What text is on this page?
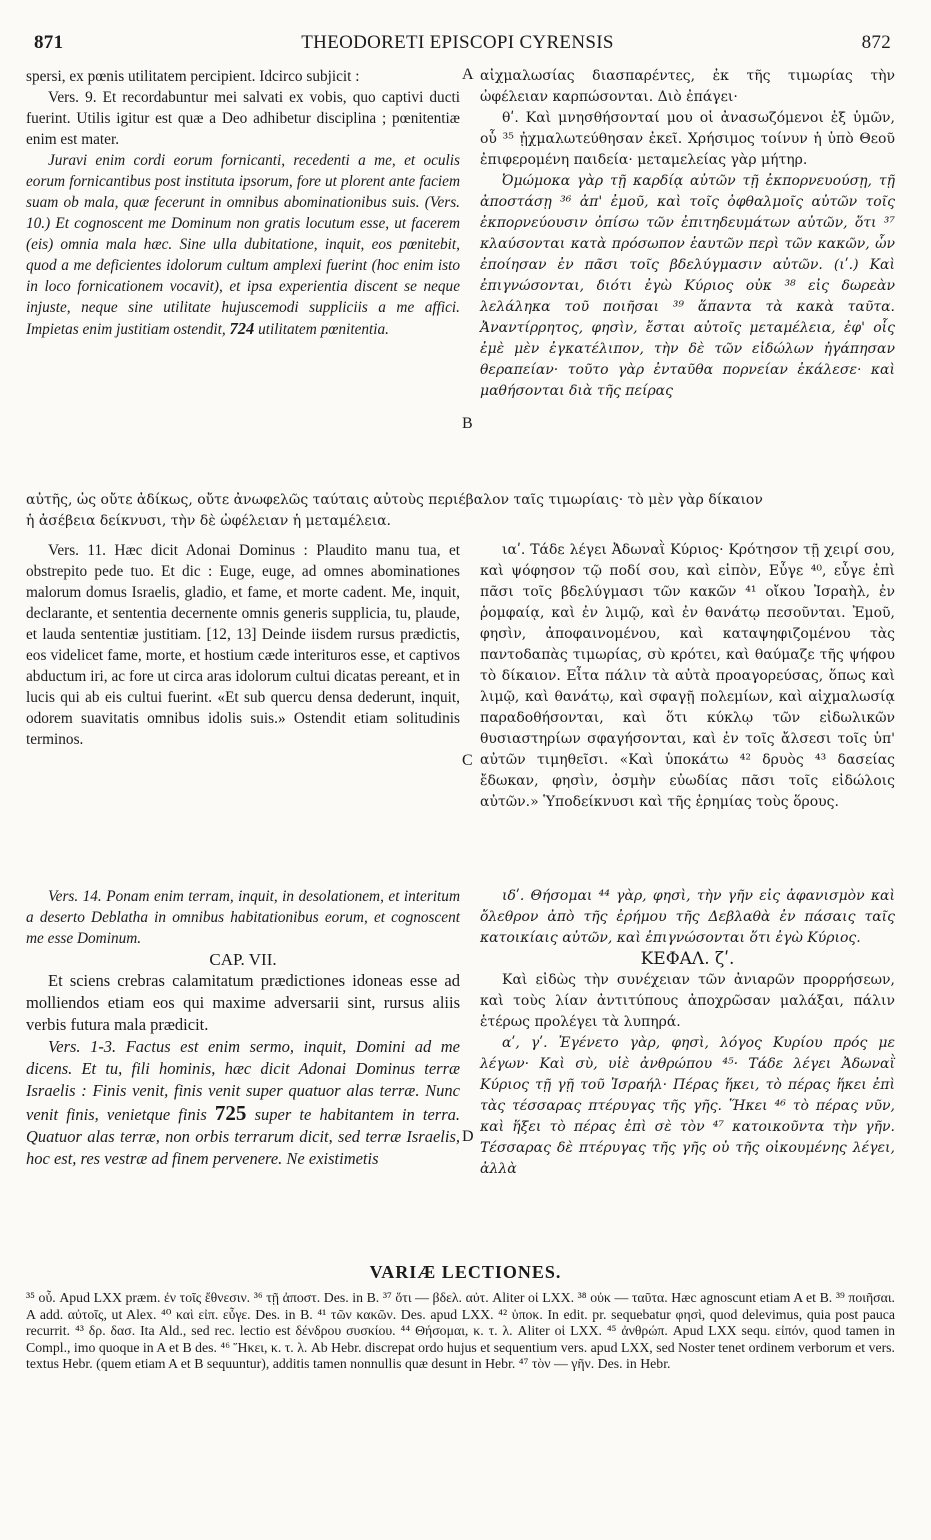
871	THEODORETI EPISCOPI CYRENSIS	872

spersi, ex pœnis utilitatem percipient. Idcirco subjicit :

Vers. 9. Et recordabuntur mei salvati ex vobis, quo captivi ducti fuerint. Utilis igitur est quæ a Deo adhibetur disciplina ; pœnitentiæ enim est mater.

Juravi enim cordi eorum fornicanti, recedenti a me, et oculis eorum fornicantibus post instituta ipsorum, fore ut plorent ante faciem suam ob mala, quæ fecerunt in omnibus abominationibus suis. (Vers. 10.) Et cognoscent me Dominum non gratis locutum esse, ut facerem (eis) omnia mala hæc. Sine ulla dubitatione, inquit, eos pœnitebit, quod a me deficientes idolorum cultum amplexi fuerint (hoc enim isto in loco fornicationem vocavit), et ipsa experientia discent se neque injuste, neque sine utilitate hujuscemodi suppliciis a me affici. Impietas enim justitiam ostendit, 724 utilitatem pœnitentia.

αἰχμαλωσίας διασπαρέντες, ἐκ τῆς τιμωρίας τὴν ὠφέλειαν καρπώσονται. Διὸ ἐπάγει·

θʹ. Καὶ μνησθήσονταί μου οἱ ἀνασωζόμενοι ἐξ ὑμῶν, οὗ ³⁵ ᾐχμαλωτεύθησαν ἐκεῖ. Χρήσιμος τοίνυν ἡ ὑπὸ Θεοῦ ἐπιφερομένη παιδεία· μεταμελείας γὰρ μήτηρ.

Ὀμώμοκα γὰρ τῇ καρδίᾳ αὐτῶν τῇ ἐκπορνευούσῃ, τῇ ἀποστάσῃ ³⁶ ἀπ' ἐμοῦ, καὶ τοῖς ὀφθαλμοῖς αὐτῶν τοῖς ἐκπορνεύουσιν ὀπίσω τῶν ἐπιτηδευμάτων αὐτῶν, ὅτι ³⁷ κλαύσονται κατὰ πρόσωπον ἑαυτῶν περὶ τῶν κακῶν, ὧν ἐποίησαν ἐν πᾶσι τοῖς βδελύγμασιν αὐτῶν. (ιʹ.) Καὶ ἐπιγνώσονται, διότι ἐγὼ Κύριος οὐκ ³⁸ εἰς δωρεὰν λελάληκα τοῦ ποιῆσαι ³⁹ ἅπαντα τὰ κακὰ ταῦτα. Ἀναντίρρητος, φησὶν, ἔσται αὐτοῖς μεταμέλεια, ἐφ' οἷς ἐμὲ μὲν ἐγκατέλιπον, τὴν δὲ τῶν εἰδώλων ἠγάπησαν θεραπείαν· τοῦτο γὰρ ἐνταῦθα πορνείαν ἐκάλεσε· καὶ μαθήσονται διὰ τῆς πείρας

αὐτῆς, ὡς οὔτε ἀδίκως, οὔτε ἀνωφελῶς ταύταις αὐτοὺς περιέβαλον ταῖς τιμωρίαις· τὸ μὲν γὰρ δίκαιον

ἡ ἀσέβεια δείκνυσι, τὴν δὲ ὠφέλειαν ἡ μεταμέλεια.

Vers. 11. Hæc dicit Adonai Dominus : Plaudito manu tua, et obstrepito pede tuo. Et dic : Euge, euge, ad omnes abominationes malorum domus Israelis, gladio, et fame, et morte cadent. Me, inquit, declarante, et sententia decernente omnis generis supplicia, tu, plaude, et lauda sententiæ justitiam. [12, 13] Deinde iisdem rursus prædictis, eos videlicet fame, morte, et hostium cæde interituros esse, et captivos abductum iri, ac fore ut circa aras idolorum cultui dicatas pereant, et in lucis qui ab eis cultui fuerint. «Et sub quercu densa dederunt, inquit, odorem suavitatis omnibus idolis suis.» Ostendit etiam solitudinis terminos.

Vers. 14. Ponam enim terram, inquit, in desolationem, et interitum a deserto Deblatha in omnibus habitationibus eorum, et cognoscent me esse Dominum.

CAP. VII.

Et sciens crebras calamitatum prædictiones idoneas esse ad molliendos etiam eos qui maxime adversarii sint, rursus aliis verbis futura mala prædicit.

Vers. 1-3. Factus est enim sermo, inquit, Domini ad me dicens. Et tu, fili hominis, hæc dicit Adonai Dominus terræ Israelis : Finis venit, finis venit super quatuor alas terræ. Nunc venit finis, venietque finis 725 super te habitantem in terra. Quatuor alas terræ, non orbis terrarum dicit, sed terræ Israelis, hoc est, res vestræ ad finem pervenere. Ne existimetis

ιαʹ. Τάδε λέγει Ἀδωναῒ Κύριος· Κρότησον τῇ χειρί σου, καὶ ψόφησον τῷ ποδί σου, καὶ εἰπὸν, Εὖγε ⁴⁰, εὖγε ἐπὶ πᾶσι τοῖς βδελύγμασι τῶν κακῶν ⁴¹ οἴκου Ἰσραὴλ, ἐν ῥομφαίᾳ, καὶ ἐν λιμῷ, καὶ ἐν θανάτῳ πεσοῦνται. Ἐμοῦ, φησὶν, ἀποφαινομένου, καὶ καταψηφιζομένου τὰς παντοδαπὰς τιμωρίας, σὺ κρότει, καὶ θαύμαζε τῆς ψήφου τὸ δίκαιον. Εἶτα πάλιν τὰ αὐτὰ προαγορεύσας, ὅπως καὶ λιμῷ, καὶ θανάτῳ, καὶ σφαγῇ πολεμίων, καὶ αἰχμαλωσίᾳ παραδοθήσονται, καὶ ὅτι κύκλῳ τῶν εἰδωλικῶν θυσιαστηρίων σφαγήσονται, καὶ ἐν τοῖς ἄλσεσι τοῖς ὑπ' αὐτῶν τιμηθεῖσι. «Καὶ ὑποκάτω ⁴² δρυὸς ⁴³ δασείας ἔδωκαν, φησὶν, ὀσμὴν εὐωδίας πᾶσι τοῖς εἰδώλοις αὐτῶν.» Ὑποδείκνυσι καὶ τῆς ἐρημίας τοὺς ὅρους.

ιδʹ. Θήσομαι ⁴⁴ γὰρ, φησὶ, τὴν γῆν εἰς ἀφανισμὸν καὶ ὄλεθρον ἀπὸ τῆς ἐρήμου τῆς Δεβλαθὰ ἐν πάσαις ταῖς κατοικίαις αὐτῶν, καὶ ἐπιγνώσονται ὅτι ἐγὼ Κύριος.

ΚΕΦΑΛ. ζʹ.

Καὶ εἰδὼς τὴν συνέχειαν τῶν ἀνιαρῶν προρρήσεων, καὶ τοὺς λίαν ἀντιτύπους ἀποχρῶσαν μαλάξαι, πάλιν ἑτέρως προλέγει τὰ λυπηρά.

αʹ, γʹ. Ἐγένετο γὰρ, φησὶ, λόγος Κυρίου πρός με λέγων· Καὶ σὺ, υἱὲ ἀνθρώπου ⁴⁵· Τάδε λέγει Ἀδωναῒ Κύριος τῇ γῇ τοῦ Ἰσραήλ· Πέρας ἥκει, τὸ πέρας ἥκει ἐπὶ τὰς τέσσαρας πτέρυγας τῆς γῆς. Ἥκει ⁴⁶ τὸ πέρας νῦν, καὶ ἥξει τὸ πέρας ἐπὶ σὲ τὸν ⁴⁷ κατοικοῦντα τὴν γῆν. Τέσσαρας δὲ πτέρυγας τῆς γῆς οὐ τῆς οἰκουμένης λέγει, ἀλλὰ

A
B
C
D
VARIÆ LECTIONES.

³⁵ οὗ. Apud LXX præm. ἐν τοῖς ἔθνεσιν. ³⁶ τῇ ἀποστ. Des. in B. ³⁷ ὅτι — βδελ. αὐτ. Aliter oἱ LXX. ³⁸ οὐκ — ταῦτα. Hæc agnoscunt etiam A et B. ³⁹ ποιῆσαι. A add. αὐτοῖς, ut Alex. ⁴⁰ καὶ εἰπ. εὖγε. Des. in B. ⁴¹ τῶν κακῶν. Des. apud LXX. ⁴² ὑποκ. In edit. pr. sequebatur φησὶ, quod delevimus, quia post pauca recurrit. ⁴³ δρ. δασ. Ita Ald., sed rec. lectio est δένδρου συσκίου. ⁴⁴ Θήσομαι, κ. τ. λ. Aliter oἱ LXX. ⁴⁵ ἀνθρώπ. Apud LXX sequ. εἰπόν, quod tamen in Compl., imo quoque in A et B des. ⁴⁶ Ἥκει, κ. τ. λ. Ab Hebr. discrepat ordo hujus et sequentium vers. apud LXX, sed Noster tenet ordinem verborum et vers. textus Hebr. (quem etiam A et B sequuntur), additis tamen nonnullis quæ desunt in Hebr. ⁴⁷ τὸν — γῆν. Des. in Hebr.
